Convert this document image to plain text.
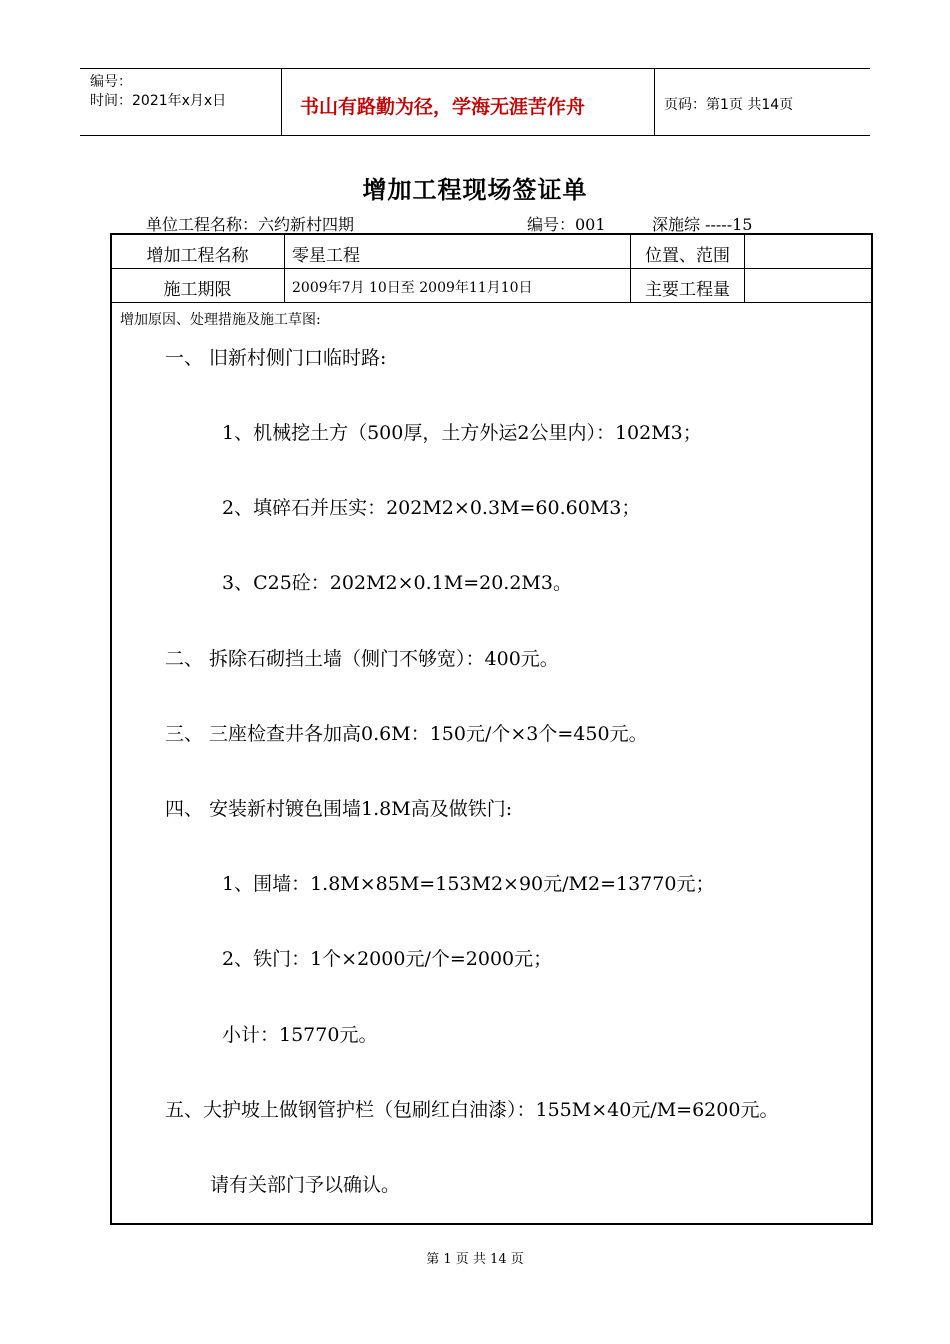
编号：
时间：2021年x月x日	书山有路勤为径，学海无涯苦作舟	页码：第1页 共14页
增加工程现场签证单
单位工程名称：六约新村四期	编号：001	深施综 -----15
增加工程名称	零星工程	位置、范围
施工期限	2009年7月 10日至 2009年11月10日	主要工程量
增加原因、处理措施及施工草图:
一、 旧新村侧门口临时路:
1、机械挖土方（500厚，土方外运2公里内）：102M3；
2、填碎石并压实：202M2×0.3M=60.60M3；
3、C25砼：202M2×0.1M=20.2M3。
二、 拆除石砌挡土墙（侧门不够宽）：400元。
三、 三座检查井各加高0.6M：150元/个×3个=450元。
四、 安装新村镀色围墙1.8M高及做铁门:
1、围墙：1.8M×85M=153M2×90元/M2=13770元；
2、铁门：1个×2000元/个=2000元；
小计：15770元。
五、大护坡上做钢管护栏（包刷红白油漆）：155M×40元/M=6200元。
请有关部门予以确认。
第 1 页 共 14 页
